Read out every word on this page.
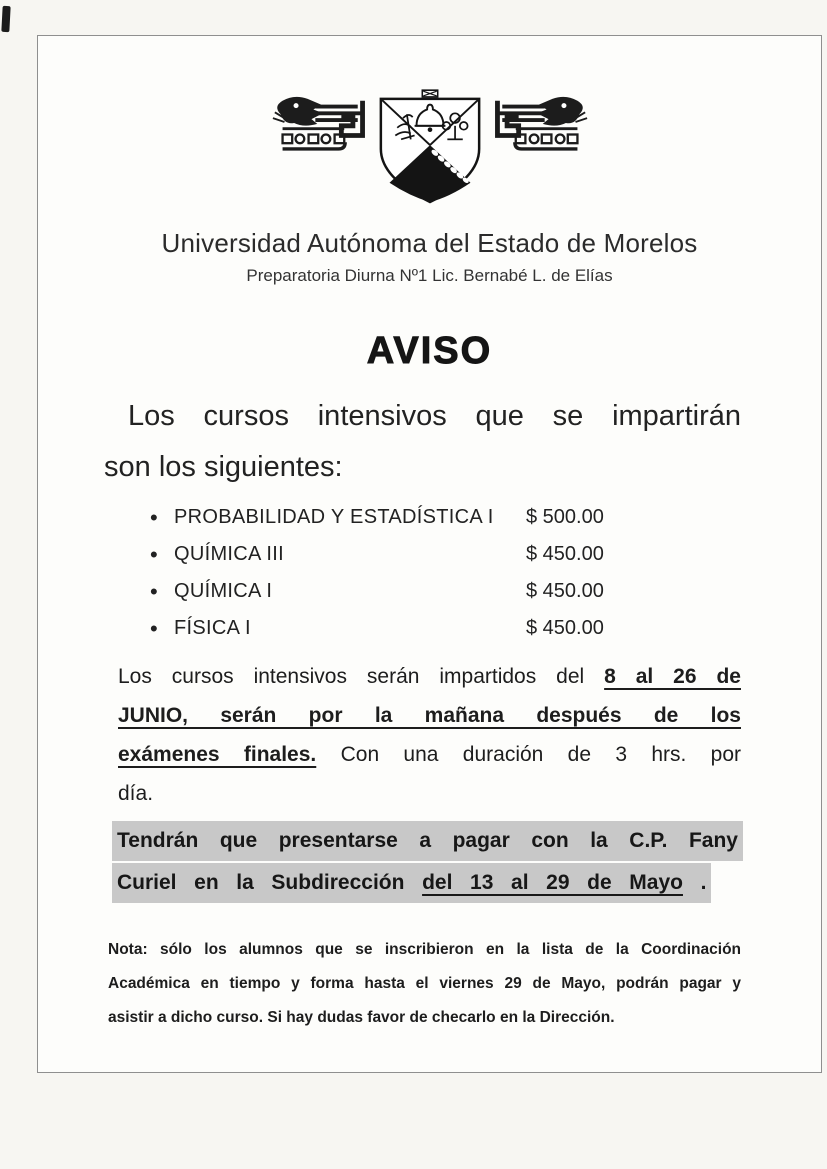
Universidad Autónoma del Estado de Morelos
Preparatoria Diurna Nº1 Lic. Bernabé L. de Elías
AVISO
Los cursos intensivos que se impartirán
son los siguientes:
• PROBABILIDAD Y ESTADÍSTICA I	$ 500.00
• QUÍMICA III	$ 450.00
• QUÍMICA I	$ 450.00
• FÍSICA I	$ 450.00
Los cursos intensivos serán impartidos del 8 al 26 de
JUNIO, serán por la mañana después de los
exámenes finales. Con una duración de 3 hrs. por
día.
Tendrán que presentarse a pagar con la C.P. Fany
Curiel en la Subdirección del 13 al 29 de Mayo .
Nota: sólo los alumnos que se inscribieron en la lista de la Coordinación
Académica en tiempo y forma hasta el viernes 29 de Mayo, podrán pagar y
asistir a dicho curso. Si hay dudas favor de checarlo en la Dirección.
